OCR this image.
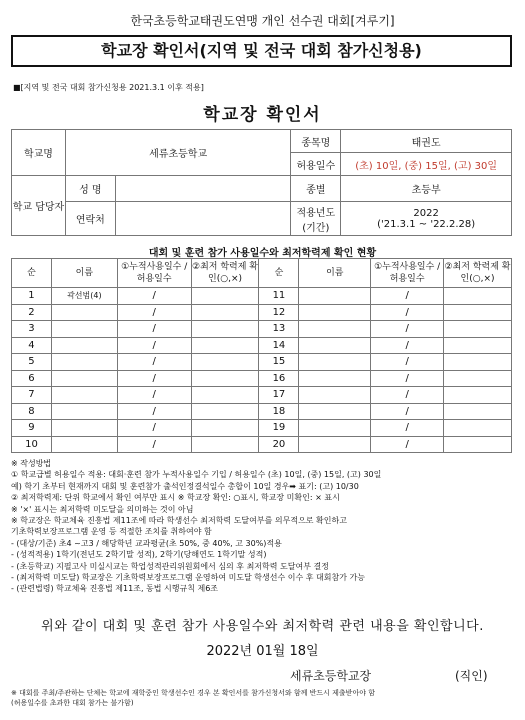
한국초등학교태권도연맹 개인 선수권 대회[겨루기]
학교장 확인서(지역 및 전국 대회 참가신청용)
■[지역 및 전국 대회 참가신청용 2021.3.1 이후 적용]
학교장 확인서
학교명	세류초등학교		종목명	태권도
			허용일수	(초) 10일, (중) 15일, (고) 30일
학교 담당자	성 명		종별	초등부
	연락처		적용년도 (기간)	2022
('21.3.1 ~ '22.2.28)
대회 및 훈련 참가 사용일수와 최저학력제 확인 현황
순	이름	①누적사용일수 /허용일수	②최저 학력제 확인(○,×)	순	이름	①누적사용일수 /허용일수	②최저 학력제 확인(○,×)
1	곽선범(4)	/		11		/	
2		/		12		/	
3		/		13		/	
4		/		14		/	
5		/		15		/	
6		/		16		/	
7		/		17		/	
8		/		18		/	
9		/		19		/	
10		/		20		/	
※ 작성방법
① 학교급별 허용일수 적용: 대회·훈련 참가 누적사용일수 기입 / 허용일수 (초) 10일, (중) 15일, (고) 30일
예) 학기 초부터 현재까지 대회 및 훈련참가 출석인정결석일수 총합이 10일 경우➡ 표기: (고) 10/30
② 최저학력제: 단위 학교에서 확인 여부만 표시 ※ 학교장 확인: ○표시, 학교장 미확인: × 표시
※ '×' 표시는 최저학력 미도달을 의미하는 것이 아님
※ 학교장은 학교체육 진흥법 제11조에 따라 학생선수 최저학력 도달여부를 의무적으로 확인하고
기초학력보장프로그램 운영 등 적절한 조치를 취하여야 함
- (대상/기준) 초4 ~고3 / 해당학년 교과평균(초 50%, 중 40%, 고 30%)적용
- (성적적용) 1학기(전년도 2학기말 성적), 2학기(당해연도 1학기말 성적)
- (초등학교) 지필고사 미실시교는 학업성적관리위원회에서 심의 후 최저학력 도달여부 결정
- (최저학력 미도달) 학교장은 기초학력보장프로그램 운영하여 미도달 학생선수 이수 후 대회참가 가능
- (관련법령) 학교체육 진흥법 제11조, 동법 시행규칙 제6조
위와 같이 대회 및 훈련 참가 사용일수와 최저학력 관련 내용을 확인합니다.
2022년 01월 18일
세류초등학교장	(직인)
※ 대회를 주최/주관하는 단체는 학교에 재학중인 학생선수인 경우 본 확인서를 참가신청서와 함께 반드시 제출받아야 함
(허용일수를 초과한 대회 참가는 불가함)
